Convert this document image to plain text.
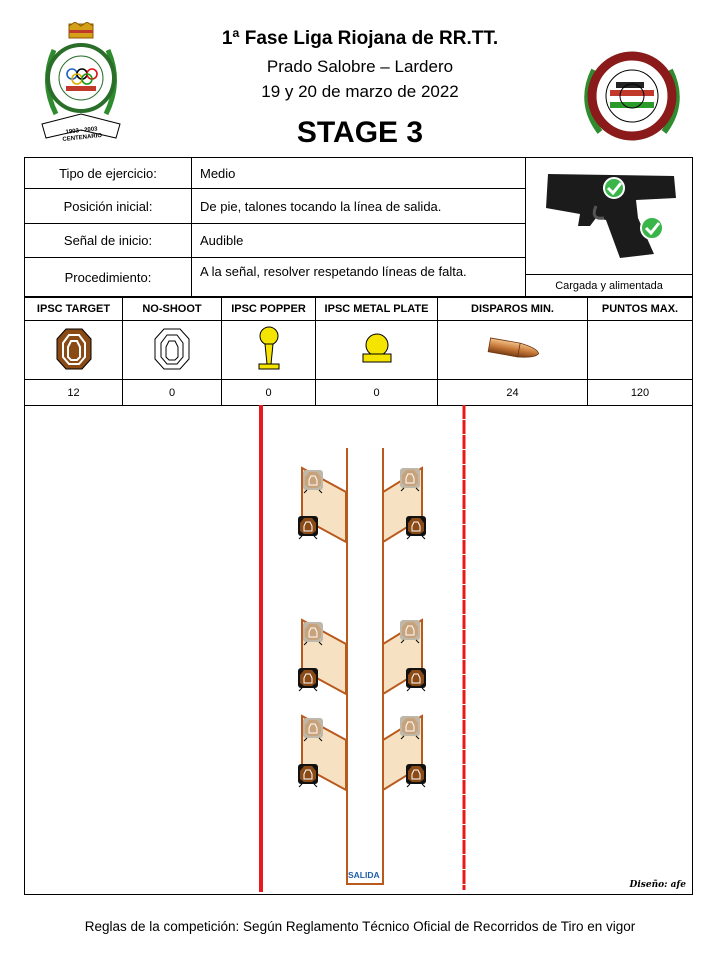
1903 - 2003 CENTENARIO
1ª Fase Liga Riojana de RR.TT.
Prado Salobre – Lardero
19 y 20 de marzo de 2022
STAGE 3
Tipo de ejercicio:	Medio	Cargada y alimentada

Posición inicial:	De pie, talones tocando la línea de salida.	
Señal de inicio:	Audible	
Procedimiento:	A la señal, resolver respetando líneas de falta.	
IPSC TARGET	NO-SHOOT	IPSC POPPER	IPSC METAL PLATE	DISPAROS MIN.	PUNTOS MAX.

12	0	0	0	24	120
SALIDA
Diseño: afe
Reglas de la competición: Según Reglamento Técnico Oficial de Recorridos de Tiro en vigor
